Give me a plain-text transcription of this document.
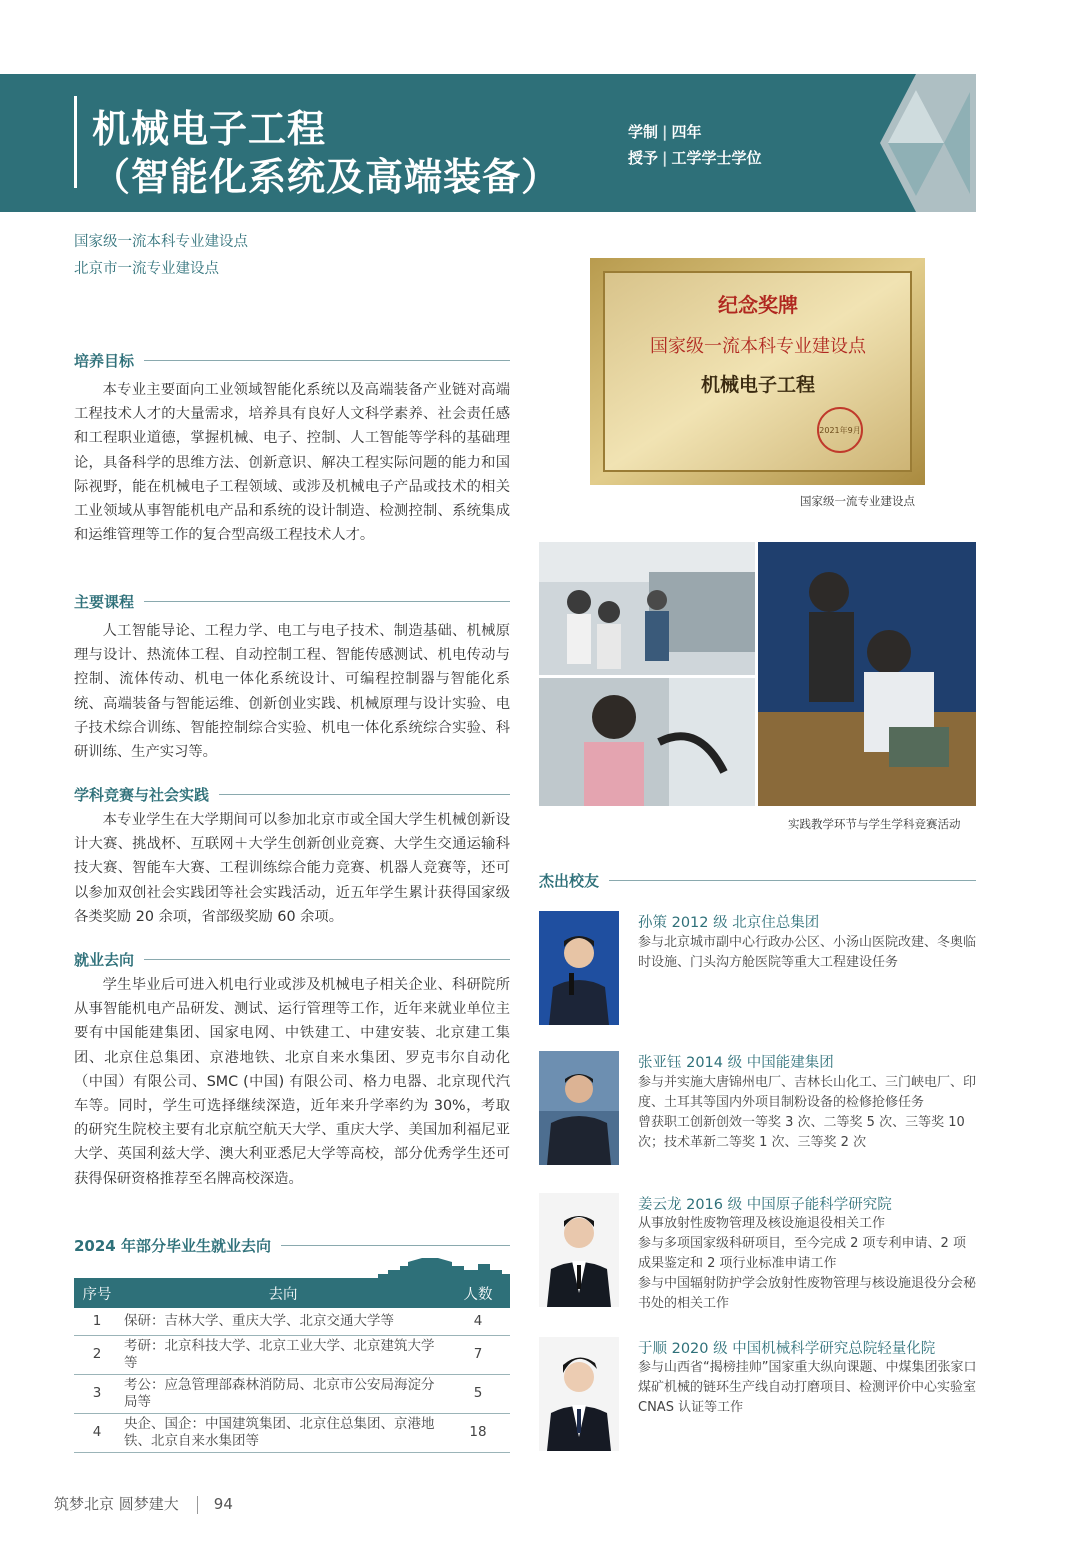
机械电子工程
（智能化系统及高端装备）
学制 | 四年
授予 | 工学学士学位
国家级一流本科专业建设点
北京市一流专业建设点
培养目标
本专业主要面向工业领域智能化系统以及高端装备产业链对高端工程技术人才的大量需求，培养具有良好人文科学素养、社会责任感和工程职业道德，掌握机械、电子、控制、人工智能等学科的基础理论，具备科学的思维方法、创新意识、解决工程实际问题的能力和国际视野，能在机械电子工程领域、或涉及机械电子产品或技术的相关工业领域从事智能机电产品和系统的设计制造、检测控制、系统集成和运维管理等工作的复合型高级工程技术人才。
主要课程
人工智能导论、工程力学、电工与电子技术、制造基础、机械原理与设计、热流体工程、自动控制工程、智能传感测试、机电传动与控制、流体传动、机电一体化系统设计、可编程控制器与智能化系统、高端装备与智能运维、创新创业实践、机械原理与设计实验、电子技术综合训练、智能控制综合实验、机电一体化系统综合实验、科研训练、生产实习等。
学科竞赛与社会实践
本专业学生在大学期间可以参加北京市或全国大学生机械创新设计大赛、挑战杯、互联网＋大学生创新创业竞赛、大学生交通运输科技大赛、智能车大赛、工程训练综合能力竞赛、机器人竞赛等，还可以参加双创社会实践团等社会实践活动，近五年学生累计获得国家级各类奖励 20 余项，省部级奖励 60 余项。
就业去向
学生毕业后可进入机电行业或涉及机械电子相关企业、科研院所从事智能机电产品研发、测试、运行管理等工作，近年来就业单位主要有中国能建集团、国家电网、中铁建工、中建安装、北京建工集团、北京住总集团、京港地铁、北京自来水集团、罗克韦尔自动化（中国）有限公司、SMC (中国) 有限公司、格力电器、北京现代汽车等。同时，学生可选择继续深造，近年来升学率约为 30%，考取的研究生院校主要有北京航空航天大学、重庆大学、美国加利福尼亚大学、英国利兹大学、澳大利亚悉尼大学等高校，部分优秀学生还可获得保研资格推荐至名牌高校深造。
2024 年部分毕业生就业去向
序号	去向	人数
1	保研：吉林大学、重庆大学、北京交通大学等	4
2	考研：北京科技大学、北京工业大学、北京建筑大学等	7
3	考公：应急管理部森林消防局、北京市公安局海淀分局等	5
4	央企、国企：中国建筑集团、北京住总集团、京港地铁、北京自来水集团等	18
纪念奖牌
国家级一流本科专业建设点
机械电子工程
2021年9月
国家级一流专业建设点
实践教学环节与学生学科竞赛活动
杰出校友
孙策 2012 级 北京住总集团
参与北京城市副中心行政办公区、小汤山医院改建、冬奥临时设施、门头沟方舱医院等重大工程建设任务
张亚钰 2014 级 中国能建集团
参与并实施大唐锦州电厂、吉林长山化工、三门峡电厂、印度、土耳其等国内外项目制粉设备的检修抢修任务
曾获职工创新创效一等奖 3 次、二等奖 5 次、三等奖 10 次；技术革新二等奖 1 次、三等奖 2 次
姜云龙 2016 级 中国原子能科学研究院
从事放射性废物管理及核设施退役相关工作
参与多项国家级科研项目，至今完成 2 项专利申请、2 项成果鉴定和 2 项行业标准申请工作
参与中国辐射防护学会放射性废物管理与核设施退役分会秘书处的相关工作
于顺 2020 级 中国机械科学研究总院轻量化院
参与山西省“揭榜挂帅”国家重大纵向课题、中煤集团张家口煤矿机械的链环生产线自动打磨项目、检测评价中心实验室 CNAS 认证等工作
筑梦北京 圆梦建大 94
